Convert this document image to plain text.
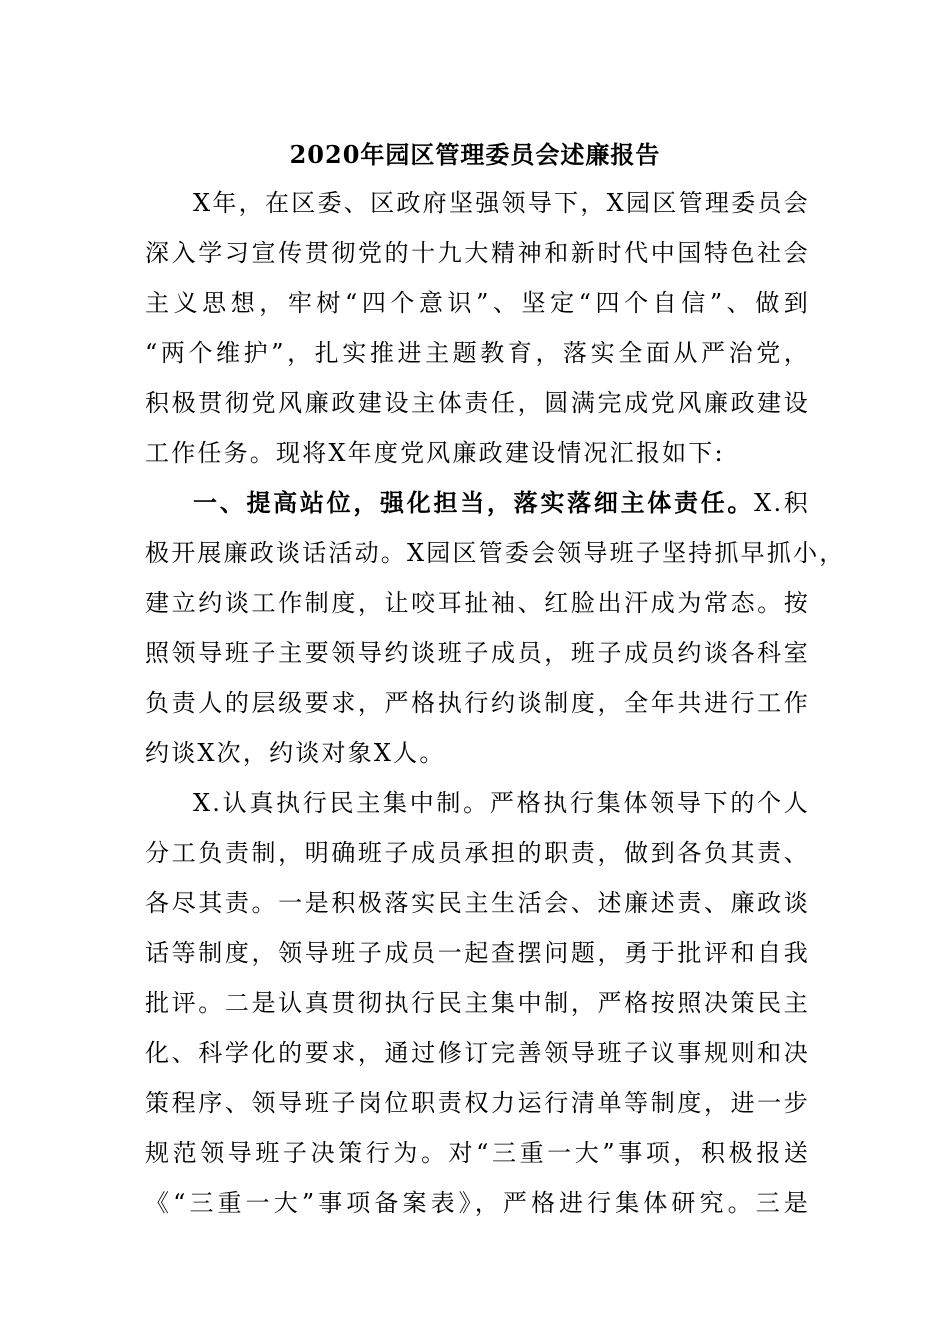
2020年园区管理委员会述廉报告
X年，在区委、区政府坚强领导下，X园区管理委员会
深入学习宣传贯彻党的十九大精神和新时代中国特色社会
主义思想，牢树“四个意识”、坚定“四个自信”、做到
“两个维护”，扎实推进主题教育，落实全面从严治党，
积极贯彻党风廉政建设主体责任，圆满完成党风廉政建设
工作任务。现将X年度党风廉政建设情况汇报如下:
一、提高站位，强化担当，落实落细主体责任。X.积
极开展廉政谈话活动。X园区管委会领导班子坚持抓早抓小，
建立约谈工作制度，让咬耳扯袖、红脸出汗成为常态。按
照领导班子主要领导约谈班子成员，班子成员约谈各科室
负责人的层级要求，严格执行约谈制度，全年共进行工作
约谈X次，约谈对象X人。
X.认真执行民主集中制。严格执行集体领导下的个人
分工负责制，明确班子成员承担的职责，做到各负其责、
各尽其责。一是积极落实民主生活会、述廉述责、廉政谈
话等制度，领导班子成员一起查摆问题，勇于批评和自我
批评。二是认真贯彻执行民主集中制，严格按照决策民主
化、科学化的要求，通过修订完善领导班子议事规则和决
策程序、领导班子岗位职责权力运行清单等制度，进一步
规范领导班子决策行为。对“三重一大”事项，积极报送
《“三重一大”事项备案表》，严格进行集体研究。三是
